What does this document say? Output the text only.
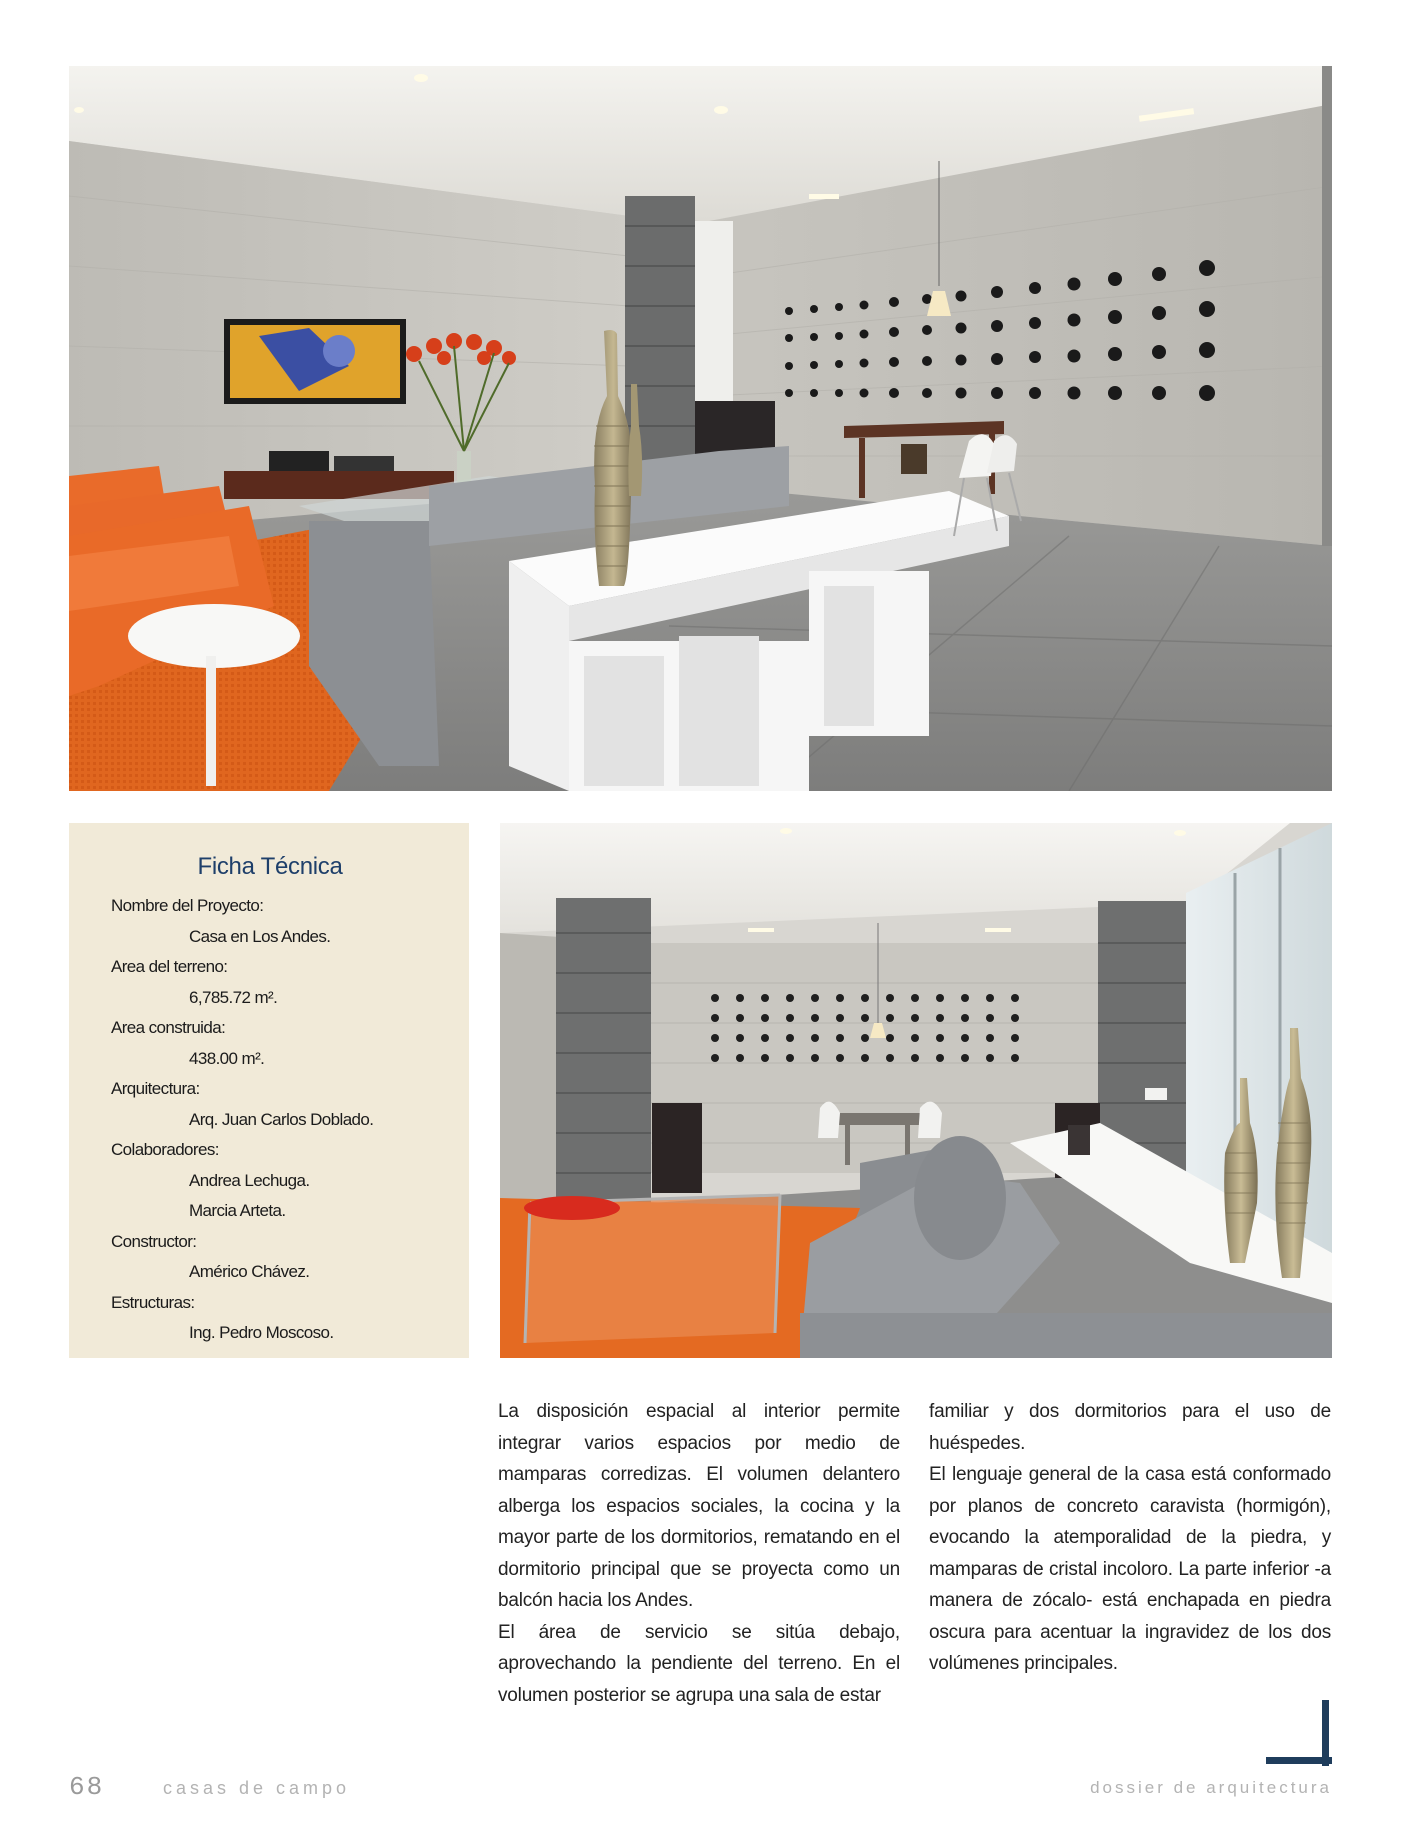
Ficha Técnica
Nombre del Proyecto:
Casa en Los Andes.
Area del terreno:
6,785.72 m².
Area construida:
438.00 m².
Arquitectura:
Arq. Juan Carlos Doblado.
Colaboradores:
Andrea Lechuga.
Marcia Arteta.
Constructor:
Américo Chávez.
Estructuras:
Ing. Pedro Moscoso.

La disposición espacial al interior permite integrar varios espacios por medio de mamparas corredizas. El volumen delantero alberga los espacios sociales, la cocina y la mayor parte de los dormitorios, rematando en el dormitorio principal que se proyecta como un balcón hacia los Andes.

El área de servicio se sitúa debajo, aprovechando la pendiente del terreno. En el volumen posterior se agrupa una sala de estar

familiar y dos dormitorios para el uso de huéspedes.

El lenguaje general de la casa está conformado por planos de concreto caravista (hormigón), evocando la atemporalidad de la piedra, y mamparas de cristal incoloro. La parte inferior -a manera de zócalo- está enchapada en piedra oscura para acentuar la ingravidez de los dos volúmenes principales.

68	casas de campo	dossier de arquitectura
